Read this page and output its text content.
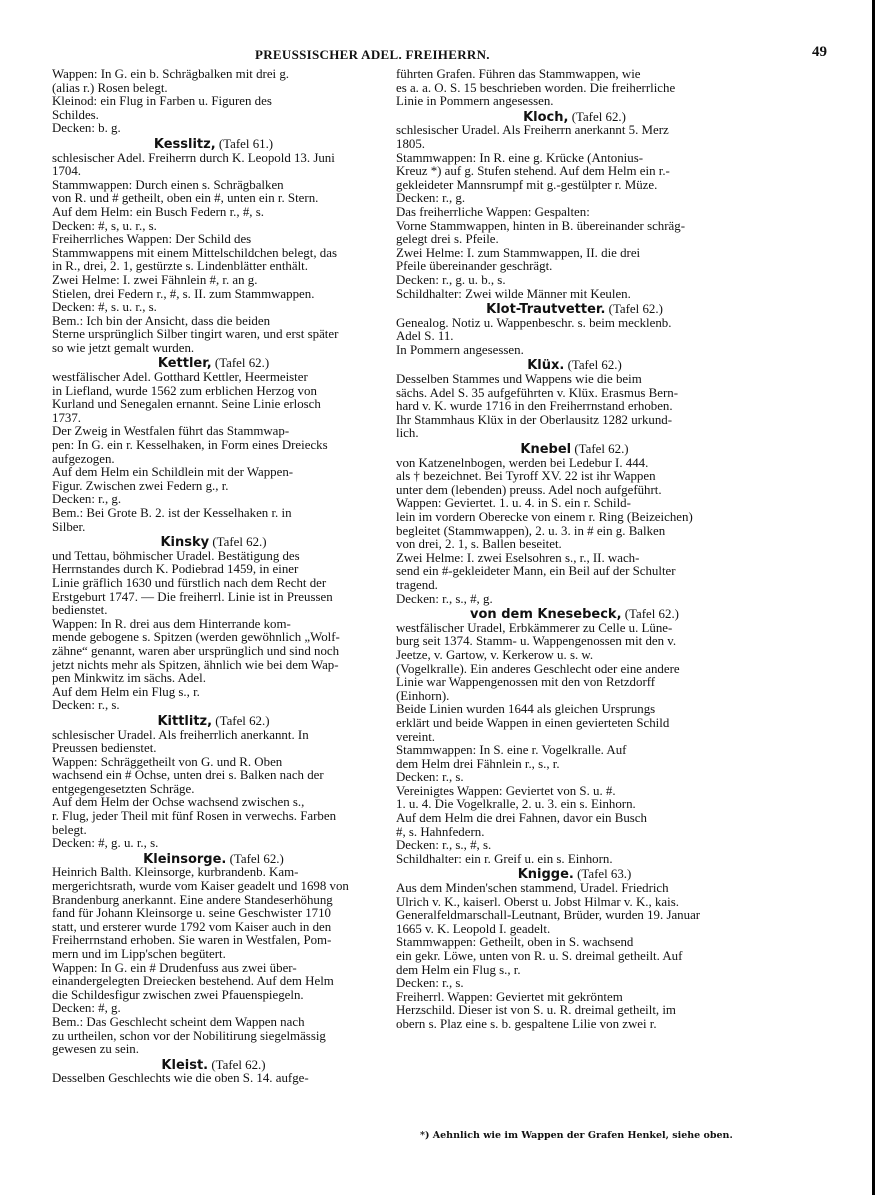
PREUSSISCHER ADEL. FREIHERRN.	49
Wappen: In G. ein b. Schrägbalken mit drei g.
(alias r.) Rosen belegt.
Kleinod: ein Flug in Farben u. Figuren des
Schildes.
Decken: b. g.
Kesslitz, (Tafel 61.)
schlesischer Adel. Freiherrn durch K. Leopold 13. Juni
1704.
Stammwappen: Durch einen s. Schrägbalken
von R. und # getheilt, oben ein #, unten ein r. Stern.
Auf dem Helm: ein Busch Federn r., #, s.
Decken: #, s, u. r., s.
Freiherrliches Wappen: Der Schild des
Stammwappens mit einem Mittelschildchen belegt, das
in R., drei, 2. 1, gestürzte s. Lindenblätter enthält.
Zwei Helme: I. zwei Fähnlein #, r. an g.
Stielen, drei Federn r., #, s. II. zum Stammwappen.
Decken: #, s. u. r., s.
Bem.: Ich bin der Ansicht, dass die beiden
Sterne ursprünglich Silber tingirt waren, und erst später
so wie jetzt gemalt wurden.
Kettler, (Tafel 62.)
westfälischer Adel. Gotthard Kettler, Heermeister
in Liefland, wurde 1562 zum erblichen Herzog von
Kurland und Senegalen ernannt. Seine Linie erlosch
1737.
Der Zweig in Westfalen führt das Stammwap-
pen: In G. ein r. Kesselhaken, in Form eines Dreiecks
aufgezogen.
Auf dem Helm ein Schildlein mit der Wappen-
Figur. Zwischen zwei Federn g., r.
Decken: r., g.
Bem.: Bei Grote B. 2. ist der Kesselhaken r. in
Silber.
Kinsky (Tafel 62.)
und Tettau, böhmischer Uradel. Bestätigung des
Herrnstandes durch K. Podiebrad 1459, in einer
Linie gräflich 1630 und fürstlich nach dem Recht der
Erstgeburt 1747. — Die freiherrl. Linie ist in Preussen
bedienstet.
Wappen: In R. drei aus dem Hinterrande kom-
mende gebogene s. Spitzen (werden gewöhnlich „Wolf-
zähne“ genannt, waren aber ursprünglich und sind noch
jetzt nichts mehr als Spitzen, ähnlich wie bei dem Wap-
pen Minkwitz im sächs. Adel.
Auf dem Helm ein Flug s., r.
Decken: r., s.
Kittlitz, (Tafel 62.)
schlesischer Uradel. Als freiherrlich anerkannt. In
Preussen bedienstet.
Wappen: Schräggetheilt von G. und R. Oben
wachsend ein # Ochse, unten drei s. Balken nach der
entgegengesetzten Schräge.
Auf dem Helm der Ochse wachsend zwischen s.,
r. Flug, jeder Theil mit fünf Rosen in verwechs. Farben
belegt.
Decken: #, g. u. r., s.
Kleinsorge. (Tafel 62.)
Heinrich Balth. Kleinsorge, kurbrandenb. Kam-
mergerichtsrath, wurde vom Kaiser geadelt und 1698 von
Brandenburg anerkannt. Eine andere Standeserhöhung
fand für Johann Kleinsorge u. seine Geschwister 1710
statt, und ersterer wurde 1792 vom Kaiser auch in den
Freiherrnstand erhoben. Sie waren in Westfalen, Pom-
mern und im Lipp'schen begütert.
Wappen: In G. ein # Drudenfuss aus zwei über-
einandergelegten Dreiecken bestehend. Auf dem Helm
die Schildesfigur zwischen zwei Pfauenspiegeln.
Decken: #, g.
Bem.: Das Geschlecht scheint dem Wappen nach
zu urtheilen, schon vor der Nobilitirung siegelmässig
gewesen zu sein.
Kleist. (Tafel 62.)
Desselben Geschlechts wie die oben S. 14. aufge-
führten Grafen. Führen das Stammwappen, wie
es a. a. O. S. 15 beschrieben worden. Die freiherrliche
Linie in Pommern angesessen.
Kloch, (Tafel 62.)
schlesischer Uradel. Als Freiherrn anerkannt 5. Merz
1805.
Stammwappen: In R. eine g. Krücke (Antonius-
Kreuz *) auf g. Stufen stehend. Auf dem Helm ein r.-
gekleideter Mannsrumpf mit g.-gestülpter r. Müze.
Decken: r., g.
Das freiherrliche Wappen: Gespalten:
Vorne Stammwappen, hinten in B. übereinander schräg-
gelegt drei s. Pfeile.
Zwei Helme: I. zum Stammwappen, II. die drei
Pfeile übereinander geschrägt.
Decken: r., g. u. b., s.
Schildhalter: Zwei wilde Männer mit Keulen.
Klot-Trautvetter. (Tafel 62.)
Genealog. Notiz u. Wappenbeschr. s. beim mecklenb.
Adel S. 11.
In Pommern angesessen.
Klüx. (Tafel 62.)
Desselben Stammes und Wappens wie die beim
sächs. Adel S. 35 aufgeführten v. Klüx. Erasmus Bern-
hard v. K. wurde 1716 in den Freiherrnstand erhoben.
Ihr Stammhaus Klüx in der Oberlausitz 1282 urkund-
lich.
Knebel (Tafel 62.)
von Katzenelnbogen, werden bei Ledebur I. 444.
als † bezeichnet. Bei Tyroff XV. 22 ist ihr Wappen
unter dem (lebenden) preuss. Adel noch aufgeführt.
Wappen: Geviertet. 1. u. 4. in S. ein r. Schild-
lein im vordern Oberecke von einem r. Ring (Beizeichen)
begleitet (Stammwappen), 2. u. 3. in # ein g. Balken
von drei, 2. 1, s. Ballen beseitet.
Zwei Helme: I. zwei Eselsohren s., r., II. wach-
send ein #-gekleideter Mann, ein Beil auf der Schulter
tragend.
Decken: r., s., #, g.
von dem Knesebeck, (Tafel 62.)
westfälischer Uradel, Erbkämmerer zu Celle u. Lüne-
burg seit 1374. Stamm- u. Wappengenossen mit den v.
Jeetze, v. Gartow, v. Kerkerow u. s. w.
(Vogelkralle). Ein anderes Geschlecht oder eine andere
Linie war Wappengenossen mit den von Retzdorff
(Einhorn).
Beide Linien wurden 1644 als gleichen Ursprungs
erklärt und beide Wappen in einen gevierteten Schild
vereint.
Stammwappen: In S. eine r. Vogelkralle. Auf
dem Helm drei Fähnlein r., s., r.
Decken: r., s.
Vereinigtes Wappen: Geviertet von S. u. #.
1. u. 4. Die Vogelkralle, 2. u. 3. ein s. Einhorn.
Auf dem Helm die drei Fahnen, davor ein Busch
#, s. Hahnfedern.
Decken: r., s., #, s.
Schildhalter: ein r. Greif u. ein s. Einhorn.
Knigge. (Tafel 63.)
Aus dem Minden'schen stammend, Uradel. Friedrich
Ulrich v. K., kaiserl. Oberst u. Jobst Hilmar v. K., kais.
Generalfeldmarschall-Leutnant, Brüder, wurden 19. Januar
1665 v. K. Leopold I. geadelt.
Stammwappen: Getheilt, oben in S. wachsend
ein gekr. Löwe, unten von R. u. S. dreimal getheilt. Auf
dem Helm ein Flug s., r.
Decken: r., s.
Freiherrl. Wappen: Geviertet mit gekröntem
Herzschild. Dieser ist von S. u. R. dreimal getheilt, im
obern s. Plaz eine s. b. gespaltene Lilie von zwei r.
*) Aehnlich wie im Wappen der Grafen Henkel, siehe oben.
